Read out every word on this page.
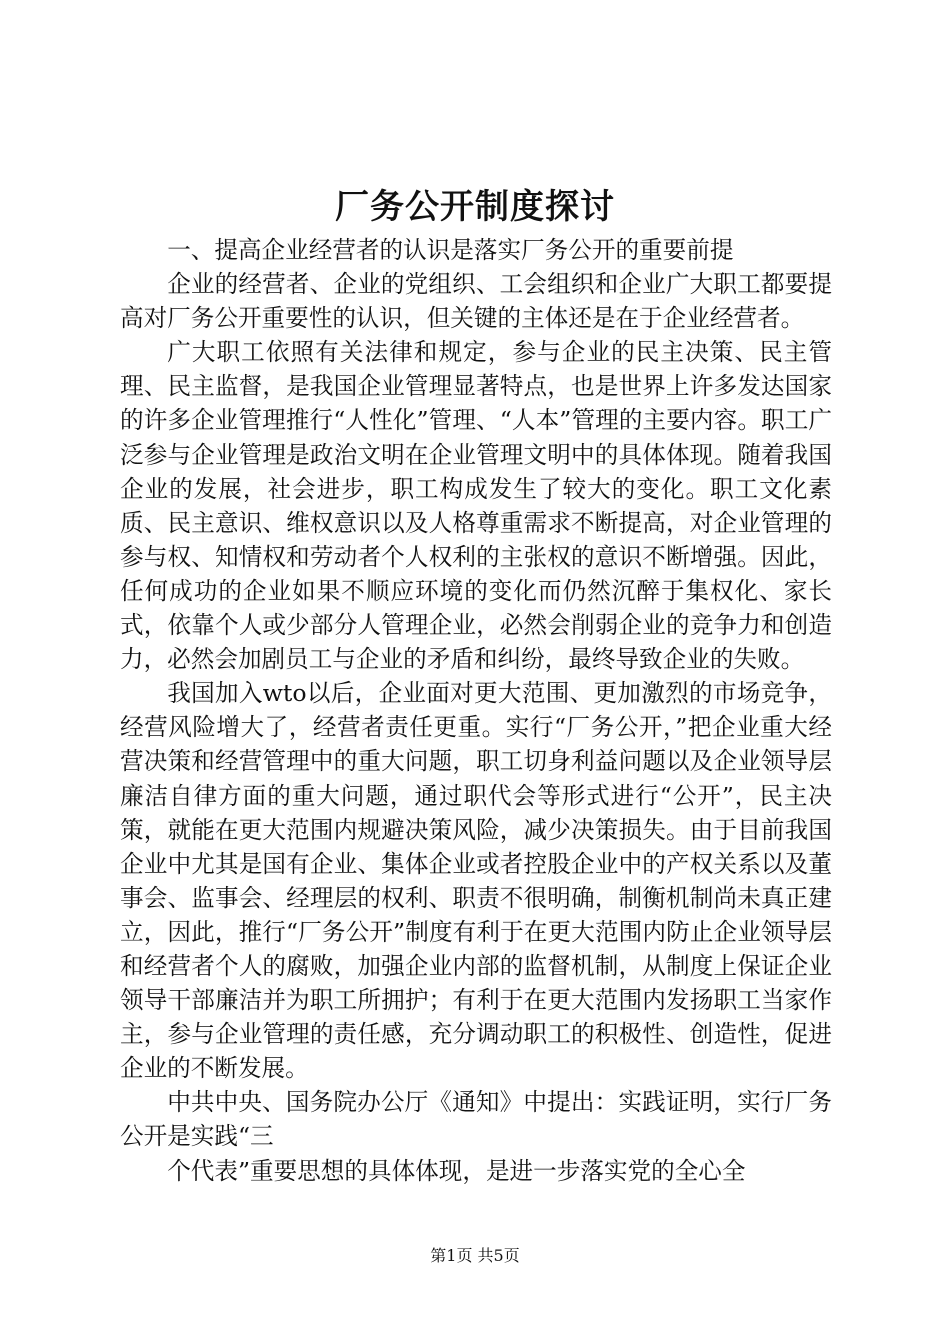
厂务公开制度探讨

一、提高企业经营者的认识是落实厂务公开的重要前提

企业的经营者、企业的党组织、工会组织和企业广大职工都要提高对厂务公开重要性的认识，但关键的主体还是在于企业经营者。

广大职工依照有关法律和规定，参与企业的民主决策、民主管理、民主监督，是我国企业管理显著特点，也是世界上许多发达国家的许多企业管理推行“人性化”管理、“人本”管理的主要内容。职工广泛参与企业管理是政治文明在企业管理文明中的具体体现。随着我国企业的发展，社会进步，职工构成发生了较大的变化。职工文化素质、民主意识、维权意识以及人格尊重需求不断提高，对企业管理的参与权、知情权和劳动者个人权利的主张权的意识不断增强。因此，任何成功的企业如果不顺应环境的变化而仍然沉醉于集权化、家长式，依靠个人或少部分人管理企业，必然会削弱企业的竞争力和创造力，必然会加剧员工与企业的矛盾和纠纷，最终导致企业的失败。

我国加入wto以后，企业面对更大范围、更加激烈的市场竞争，经营风险增大了，经营者责任更重。实行“厂务公开，”把企业重大经营决策和经营管理中的重大问题，职工切身利益问题以及企业领导层廉洁自律方面的重大问题，通过职代会等形式进行“公开”，民主决策，就能在更大范围内规避决策风险，减少决策损失。由于目前我国企业中尤其是国有企业、集体企业或者控股企业中的产权关系以及董事会、监事会、经理层的权利、职责不很明确，制衡机制尚未真正建立，因此，推行“厂务公开”制度有利于在更大范围内防止企业领导层和经营者个人的腐败，加强企业内部的监督机制，从制度上保证企业领导干部廉洁并为职工所拥护；有利于在更大范围内发扬职工当家作主，参与企业管理的责任感，充分调动职工的积极性、创造性，促进企业的不断发展。

中共中央、国务院办公厅《通知》中提出：实践证明，实行厂务公开是实践“三

个代表”重要思想的具体体现，是进一步落实党的全心全

第1页 共5页
